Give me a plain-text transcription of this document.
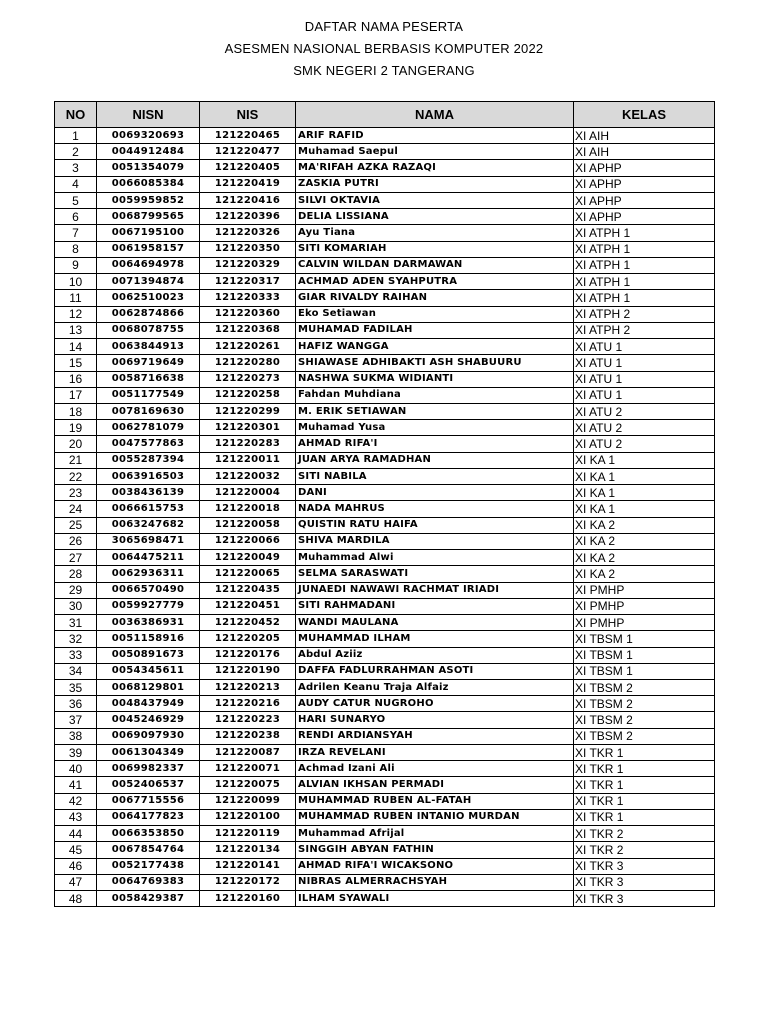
DAFTAR NAMA PESERTA
ASESMEN NASIONAL BERBASIS KOMPUTER 2022
SMK NEGERI 2 TANGERANG
NO	NISN	NIS	NAMA	KELAS
1	0069320693	121220465	ARIF RAFID	XI AIH
2	0044912484	121220477	Muhamad Saepul	XI AIH
3	0051354079	121220405	MA'RIFAH AZKA RAZAQI	XI APHP
4	0066085384	121220419	ZASKIA PUTRI	XI APHP
5	0059959852	121220416	SILVI OKTAVIA	XI APHP
6	0068799565	121220396	DELIA LISSIANA	XI APHP
7	0067195100	121220326	Ayu Tiana	XI ATPH 1
8	0061958157	121220350	SITI KOMARIAH	XI ATPH 1
9	0064694978	121220329	CALVIN WILDAN DARMAWAN	XI ATPH 1
10	0071394874	121220317	ACHMAD ADEN SYAHPUTRA	XI ATPH 1
11	0062510023	121220333	GIAR RIVALDY RAIHAN	XI ATPH 1
12	0062874866	121220360	Eko Setiawan	XI ATPH 2
13	0068078755	121220368	MUHAMAD FADILAH	XI ATPH 2
14	0063844913	121220261	HAFIZ WANGGA	XI ATU 1
15	0069719649	121220280	SHIAWASE ADHIBAKTI ASH SHABUURU	XI ATU 1
16	0058716638	121220273	NASHWA SUKMA WIDIANTI	XI ATU 1
17	0051177549	121220258	Fahdan Muhdiana	XI ATU 1
18	0078169630	121220299	M. ERIK SETIAWAN	XI ATU 2
19	0062781079	121220301	Muhamad Yusa	XI ATU 2
20	0047577863	121220283	AHMAD RIFA'I	XI ATU 2
21	0055287394	121220011	JUAN ARYA RAMADHAN	XI KA 1
22	0063916503	121220032	SITI NABILA	XI KA 1
23	0038436139	121220004	DANI	XI KA 1
24	0066615753	121220018	NADA MAHRUS	XI KA 1
25	0063247682	121220058	QUISTIN RATU HAIFA	XI KA 2
26	3065698471	121220066	SHIVA MARDILA	XI KA 2
27	0064475211	121220049	Muhammad Alwi	XI KA 2
28	0062936311	121220065	SELMA SARASWATI	XI KA 2
29	0066570490	121220435	JUNAEDI NAWAWI RACHMAT IRIADI	XI PMHP
30	0059927779	121220451	SITI RAHMADANI	XI PMHP
31	0036386931	121220452	WANDI MAULANA	XI PMHP
32	0051158916	121220205	MUHAMMAD ILHAM	XI TBSM 1
33	0050891673	121220176	Abdul Aziiz	XI TBSM 1
34	0054345611	121220190	DAFFA FADLURRAHMAN ASOTI	XI TBSM 1
35	0068129801	121220213	Adrilen Keanu Traja Alfaiz	XI TBSM 2
36	0048437949	121220216	AUDY CATUR NUGROHO	XI TBSM 2
37	0045246929	121220223	HARI SUNARYO	XI TBSM 2
38	0069097930	121220238	RENDI ARDIANSYAH	XI TBSM 2
39	0061304349	121220087	IRZA REVELANI	XI TKR 1
40	0069982337	121220071	Achmad Izani Ali	XI TKR 1
41	0052406537	121220075	ALVIAN IKHSAN PERMADI	XI TKR 1
42	0067715556	121220099	MUHAMMAD RUBEN AL-FATAH	XI TKR 1
43	0064177823	121220100	MUHAMMAD RUBEN INTANIO MURDAN	XI TKR 1
44	0066353850	121220119	Muhammad Afrijal	XI TKR 2
45	0067854764	121220134	SINGGIH ABYAN FATHIN	XI TKR 2
46	0052177438	121220141	AHMAD RIFA'I WICAKSONO	XI TKR 3
47	0064769383	121220172	NIBRAS ALMERRACHSYAH	XI TKR 3
48	0058429387	121220160	ILHAM SYAWALI	XI TKR 3
